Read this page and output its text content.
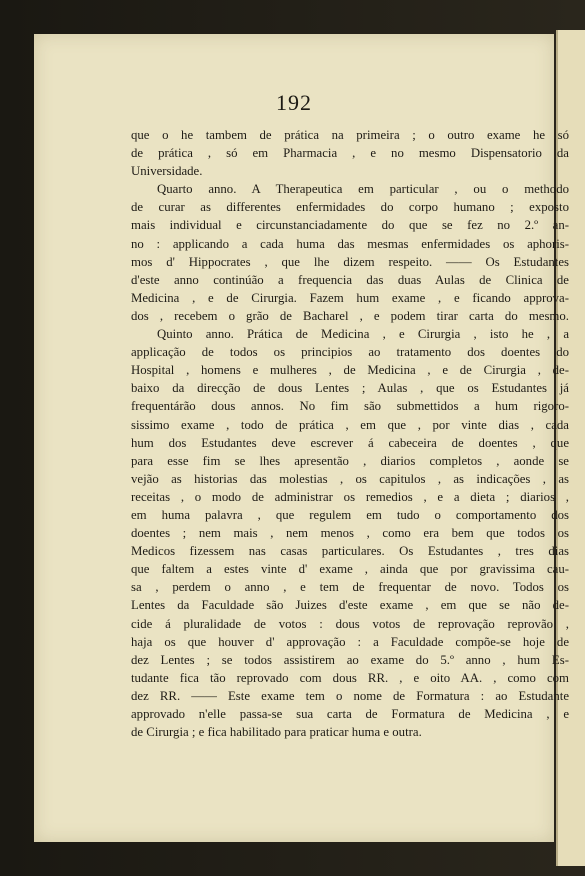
192
que o he tambem de prática na primeira ; o outro exame he só
de prática , só em Pharmacia , e no mesmo Dispensatorio da
Universidade.
Quarto anno. A Therapeutica em particular , ou o methodo
de curar as differentes enfermidades do corpo humano ; exposto
mais individual e circunstanciadamente do que se fez no 2.º an-
no : applicando a cada huma das mesmas enfermidades os aphoris-
mos d' Hippocrates , que lhe dizem respeito. —— Os Estudantes
d'este anno continúão a frequencia das duas Aulas de Clinica de
Medicina , e de Cirurgia. Fazem hum exame , e ficando approva-
dos , recebem o grão de Bacharel , e podem tirar carta do mesmo.
Quinto anno. Prática de Medicina , e Cirurgia , isto he , a
applicação de todos os principios ao tratamento dos doentes do
Hospital , homens e mulheres , de Medicina , e de Cirurgia , de-
baixo da direcção de dous Lentes ; Aulas , que os Estudantes já
frequentárão dous annos. No fim são submettidos a hum rigoro-
sissimo exame , todo de prática , em que , por vinte dias , cada
hum dos Estudantes deve escrever á cabeceira de doentes , que
para esse fim se lhes apresentão , diarios completos , aonde se
vejão as historias das molestias , os capitulos , as indicações , as
receitas , o modo de administrar os remedios , e a dieta ; diarios ,
em huma palavra , que regulem em tudo o comportamento dos
doentes ; nem mais , nem menos , como era bem que todos os
Medicos fizessem nas casas particulares. Os Estudantes , tres dias
que faltem a estes vinte d' exame , ainda que por gravissima cau-
sa , perdem o anno , e tem de frequentar de novo. Todos os
Lentes da Faculdade são Juizes d'este exame , em que se não de-
cide á pluralidade de votos : dous votos de reprovação reprovão ,
haja os que houver d' approvação : a Faculdade compõe-se hoje de
dez Lentes ; se todos assistirem ao exame do 5.º anno , hum Es-
tudante fica tão reprovado com dous RR. , e oito AA. , como com
dez RR. —— Este exame tem o nome de Formatura : ao Estudante
approvado n'elle passa-se sua carta de Formatura de Medicina , e
de Cirurgia ; e fica habilitado para praticar huma e outra.
